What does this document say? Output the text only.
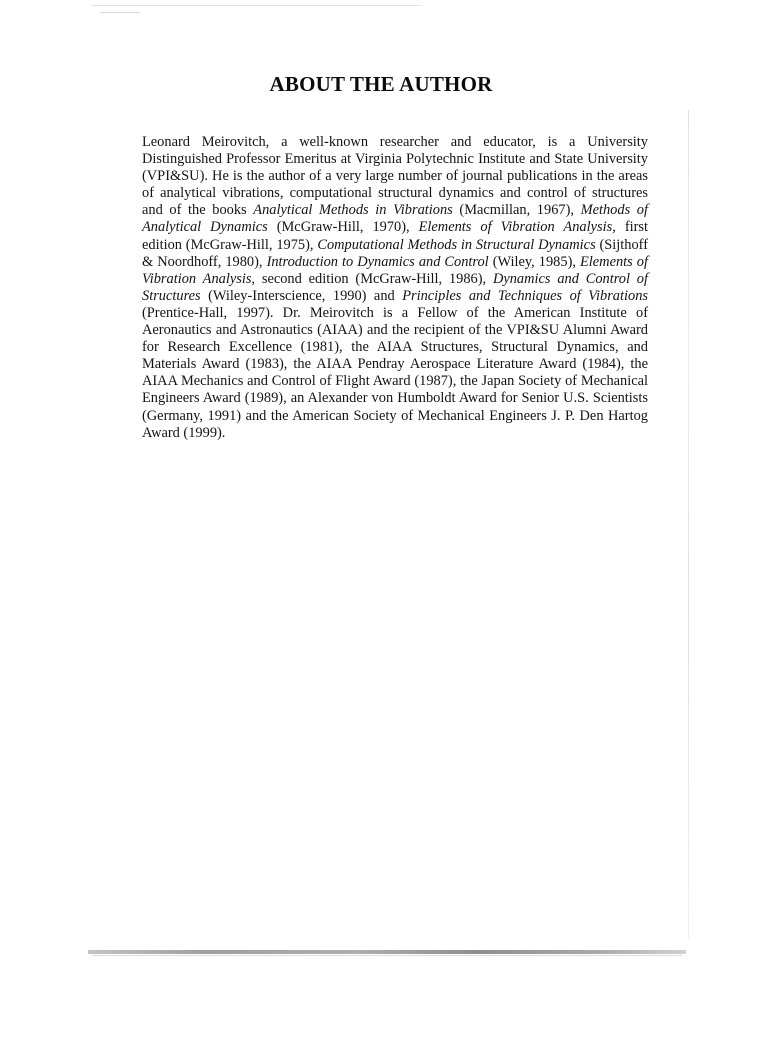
ABOUT THE AUTHOR

Leonard Meirovitch, a well-known researcher and educator, is a University Distinguished Professor Emeritus at Virginia Polytechnic Institute and State University (VPI&SU). He is the author of a very large number of journal publications in the areas of analytical vibrations, computational structural dynamics and control of structures and of the books Analytical Methods in Vibrations (Macmillan, 1967), Methods of Analytical Dynamics (McGraw-Hill, 1970), Elements of Vibration Analysis, first edition (McGraw-Hill, 1975), Computational Methods in Structural Dynamics (Sijthoff & Noordhoff, 1980), Introduction to Dynamics and Control (Wiley, 1985), Elements of Vibration Analysis, second edition (McGraw-Hill, 1986), Dynamics and Control of Structures (Wiley-Interscience, 1990) and Principles and Techniques of Vibrations (Prentice-Hall, 1997). Dr. Meirovitch is a Fellow of the American Institute of Aeronautics and Astronautics (AIAA) and the recipient of the VPI&SU Alumni Award for Research Excellence (1981), the AIAA Structures, Structural Dynamics, and Materials Award (1983), the AIAA Pendray Aerospace Literature Award (1984), the AIAA Mechanics and Control of Flight Award (1987), the Japan Society of Mechanical Engineers Award (1989), an Alexander von Humboldt Award for Senior U.S. Scientists (Germany, 1991) and the American Society of Mechanical Engineers J. P. Den Hartog Award (1999).
